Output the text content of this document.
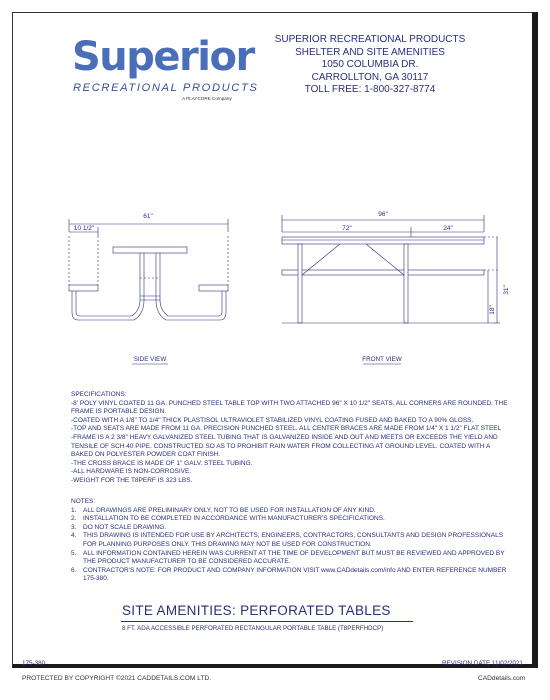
Superior
RECREATIONAL PRODUCTS
A PLAYCORE Company
SUPERIOR RECREATIONAL PRODUCTS
SHELTER AND SITE AMENITIES
1050 COLUMBIA DR.
CARROLLTON, GA 30117
TOLL FREE: 1-800-327-8774
61"
10 1/2"
96"
72"	24"
31"
18"
SIDE VIEW	FRONT VIEW
SPECIFICATIONS:
-8' POLY VINYL COATED 11 GA. PUNCHED STEEL TABLE TOP WITH TWO ATTACHED 96" X 10 1/2" SEATS. ALL CORNERS ARE ROUNDED. THE
FRAME IS PORTABLE DESIGN.
-COATED WITH A 1/8" TO 1/4" THICK PLASTISOL ULTRAVIOLET STABILIZED VINYL COATING FUSED AND BAKED TO A 90% GLOSS.
-TOP AND SEATS ARE MADE FROM 11 GA. PRECISION PUNCHED STEEL. ALL CENTER BRACES ARE MADE FROM 1/4" X 1 1/2" FLAT STEEL
-FRAME IS A 2 3/8" HEAVY GALVANIZED STEEL TUBING THAT IS GALVANIZED INSIDE AND OUT AND MEETS OR EXCEEDS THE YIELD AND
TENSILE OF SCH 40 PIPE. CONSTRUCTED SO AS TO PROHIBIT RAIN WATER FROM COLLECTING AT GROUND LEVEL. COATED WITH A
BAKED ON POLYESTER POWDER COAT FINISH.
-THE CROSS BRACE IS MADE OF 1" GALV. STEEL TUBING.
-ALL HARDWARE IS NON-CORROSIVE.
-WEIGHT FOR THE T8PERF IS 323 LBS.
NOTES:
1.	ALL DRAWINGS ARE PRELIMINARY ONLY, NOT TO BE USED FOR INSTALLATION OF ANY KIND.
2.	INSTALLATION TO BE COMPLETED IN ACCORDANCE WITH MANUFACTURER'S SPECIFICATIONS.
3.	DO NOT SCALE DRAWING.
4.	THIS DRAWING IS INTENDED FOR USE BY ARCHITECTS, ENGINEERS, CONTRACTORS, CONSULTANTS AND DESIGN PROFESSIONALS FOR PLANNING PURPOSES ONLY. THIS DRAWING MAY NOT BE USED FOR CONSTRUCTION.
5.	ALL INFORMATION CONTAINED HEREIN WAS CURRENT AT THE TIME OF DEVELOPMENT BUT MUST BE REVIEWED AND APPROVED BY THE PRODUCT MANUFACTURER TO BE CONSIDERED ACCURATE.
6.	CONTRACTOR'S NOTE: FOR PRODUCT AND COMPANY INFORMATION VISIT www.CADdetails.com/info AND ENTER REFERENCE NUMBER 175-380.
SITE AMENITIES: PERFORATED TABLES
8 FT. ADA ACCESSIBLE PERFORATED RECTANGULAR PORTABLE TABLE (T8PERFHDCP)
175-380	REVISION DATE 11/02/2021
PROTECTED BY COPYRIGHT ©2021 CADDETAILS.COM LTD.	CADdetails.com
